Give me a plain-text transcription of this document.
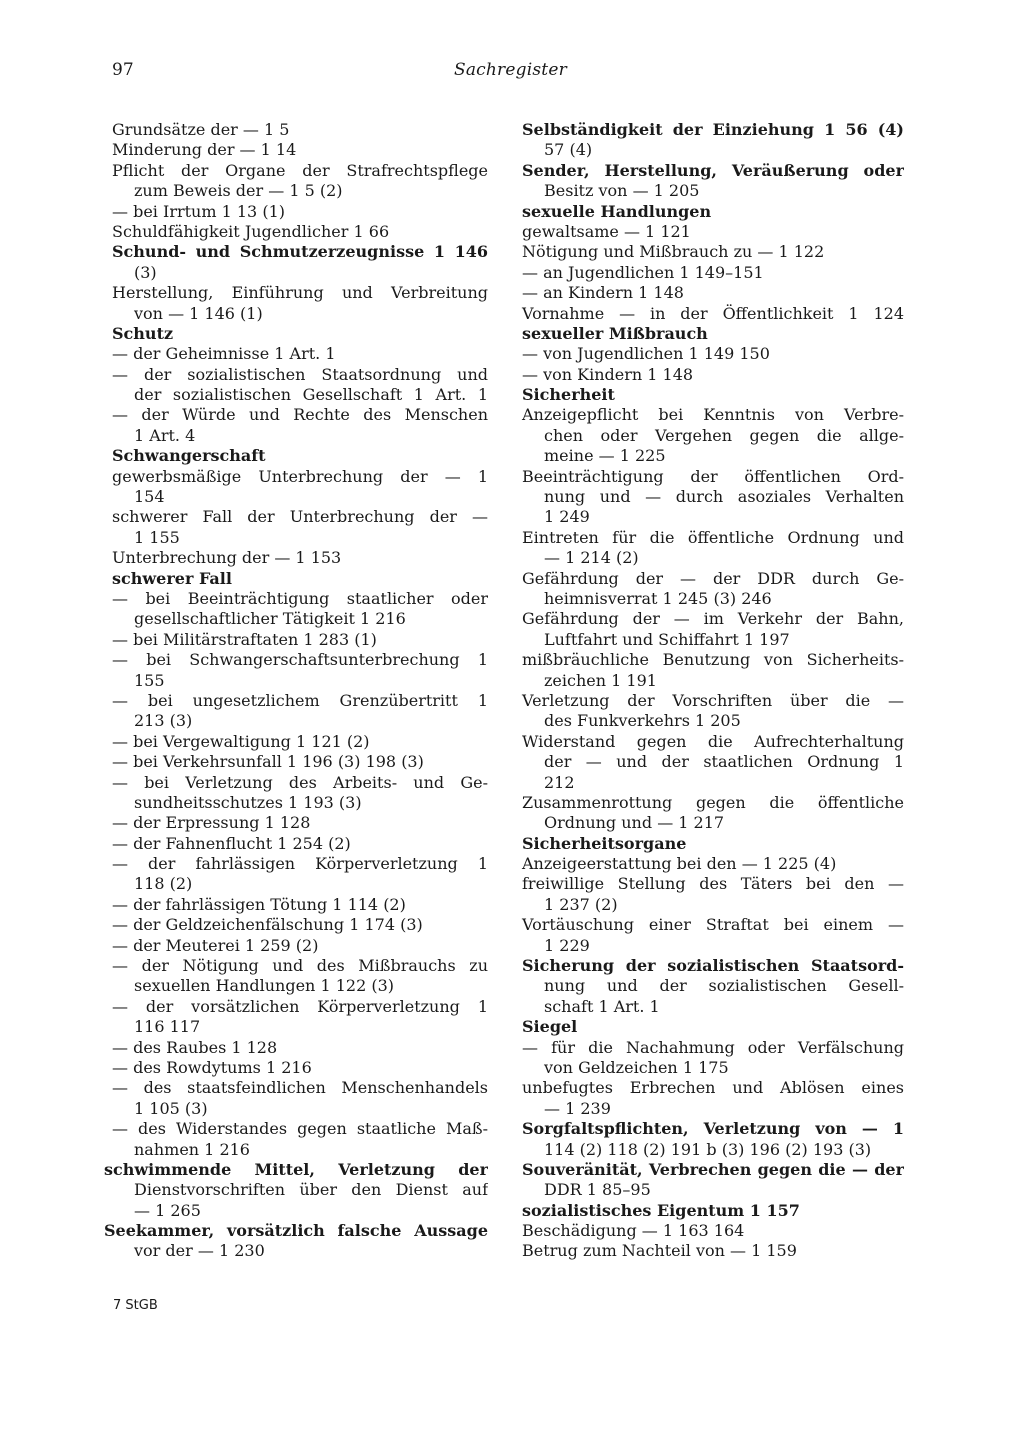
97	Sachregister
Grundsätze der — 1 5
Minderung der — 1 14
Pflicht der Organe der Strafrechtspflege
zum Beweis der — 1 5 (2)
— bei Irrtum 1 13 (1)
Schuldfähigkeit Jugendlicher 1 66
Schund- und Schmutzerzeugnisse 1 146
(3)
Herstellung, Einführung und Verbreitung
von — 1 146 (1)
Schutz
— der Geheimnisse 1 Art. 1
— der sozialistischen Staatsordnung und
der sozialistischen Gesellschaft 1 Art. 1
— der Würde und Rechte des Menschen
1 Art. 4
Schwangerschaft
gewerbsmäßige Unterbrechung der — 1
154
schwerer Fall der Unterbrechung der —
1 155
Unterbrechung der — 1 153
schwerer Fall
— bei Beeinträchtigung staatlicher oder
gesellschaftlicher Tätigkeit 1 216
— bei Militärstraftaten 1 283 (1)
— bei Schwangerschaftsunterbrechung 1
155
— bei ungesetzlichem Grenzübertritt 1
213 (3)
— bei Vergewaltigung 1 121 (2)
— bei Verkehrsunfall 1 196 (3) 198 (3)
— bei Verletzung des Arbeits- und Ge-
sundheitsschutzes 1 193 (3)
— der Erpressung 1 128
— der Fahnenflucht 1 254 (2)
— der fahrlässigen Körperverletzung 1
118 (2)
— der fahrlässigen Tötung 1 114 (2)
— der Geldzeichenfälschung 1 174 (3)
— der Meuterei 1 259 (2)
— der Nötigung und des Mißbrauchs zu
sexuellen Handlungen 1 122 (3)
— der vorsätzlichen Körperverletzung 1
116 117
— des Raubes 1 128
— des Rowdytums 1 216
— des staatsfeindlichen Menschenhandels
1 105 (3)
— des Widerstandes gegen staatliche Maß-
nahmen 1 216
schwimmende Mittel, Verletzung der
Dienstvorschriften über den Dienst auf
— 1 265
Seekammer, vorsätzlich falsche Aussage
vor der — 1 230
Selbständigkeit der Einziehung 1 56 (4)
57 (4)
Sender, Herstellung, Veräußerung oder
Besitz von — 1 205
sexuelle Handlungen
gewaltsame — 1 121
Nötigung und Mißbrauch zu — 1 122
— an Jugendlichen 1 149–151
— an Kindern 1 148
Vornahme — in der Öffentlichkeit 1 124
sexueller Mißbrauch
— von Jugendlichen 1 149 150
— von Kindern 1 148
Sicherheit
Anzeigepflicht bei Kenntnis von Verbre-
chen oder Vergehen gegen die allge-
meine — 1 225
Beeinträchtigung der öffentlichen Ord-
nung und — durch asoziales Verhalten
1 249
Eintreten für die öffentliche Ordnung und
— 1 214 (2)
Gefährdung der — der DDR durch Ge-
heimnisverrat 1 245 (3) 246
Gefährdung der — im Verkehr der Bahn,
Luftfahrt und Schiffahrt 1 197
mißbräuchliche Benutzung von Sicherheits-
zeichen 1 191
Verletzung der Vorschriften über die —
des Funkverkehrs 1 205
Widerstand gegen die Aufrechterhaltung
der — und der staatlichen Ordnung 1
212
Zusammenrottung gegen die öffentliche
Ordnung und — 1 217
Sicherheitsorgane
Anzeigeerstattung bei den — 1 225 (4)
freiwillige Stellung des Täters bei den —
1 237 (2)
Vortäuschung einer Straftat bei einem —
1 229
Sicherung der sozialistischen Staatsord-
nung und der sozialistischen Gesell-
schaft 1 Art. 1
Siegel
— für die Nachahmung oder Verfälschung
von Geldzeichen 1 175
unbefugtes Erbrechen und Ablösen eines
— 1 239
Sorgfaltspflichten, Verletzung von — 1
114 (2) 118 (2) 191 b (3) 196 (2) 193 (3)
Souveränität, Verbrechen gegen die — der
DDR 1 85–95
sozialistisches Eigentum 1 157
Beschädigung — 1 163 164
Betrug zum Nachteil von — 1 159
7 StGB
